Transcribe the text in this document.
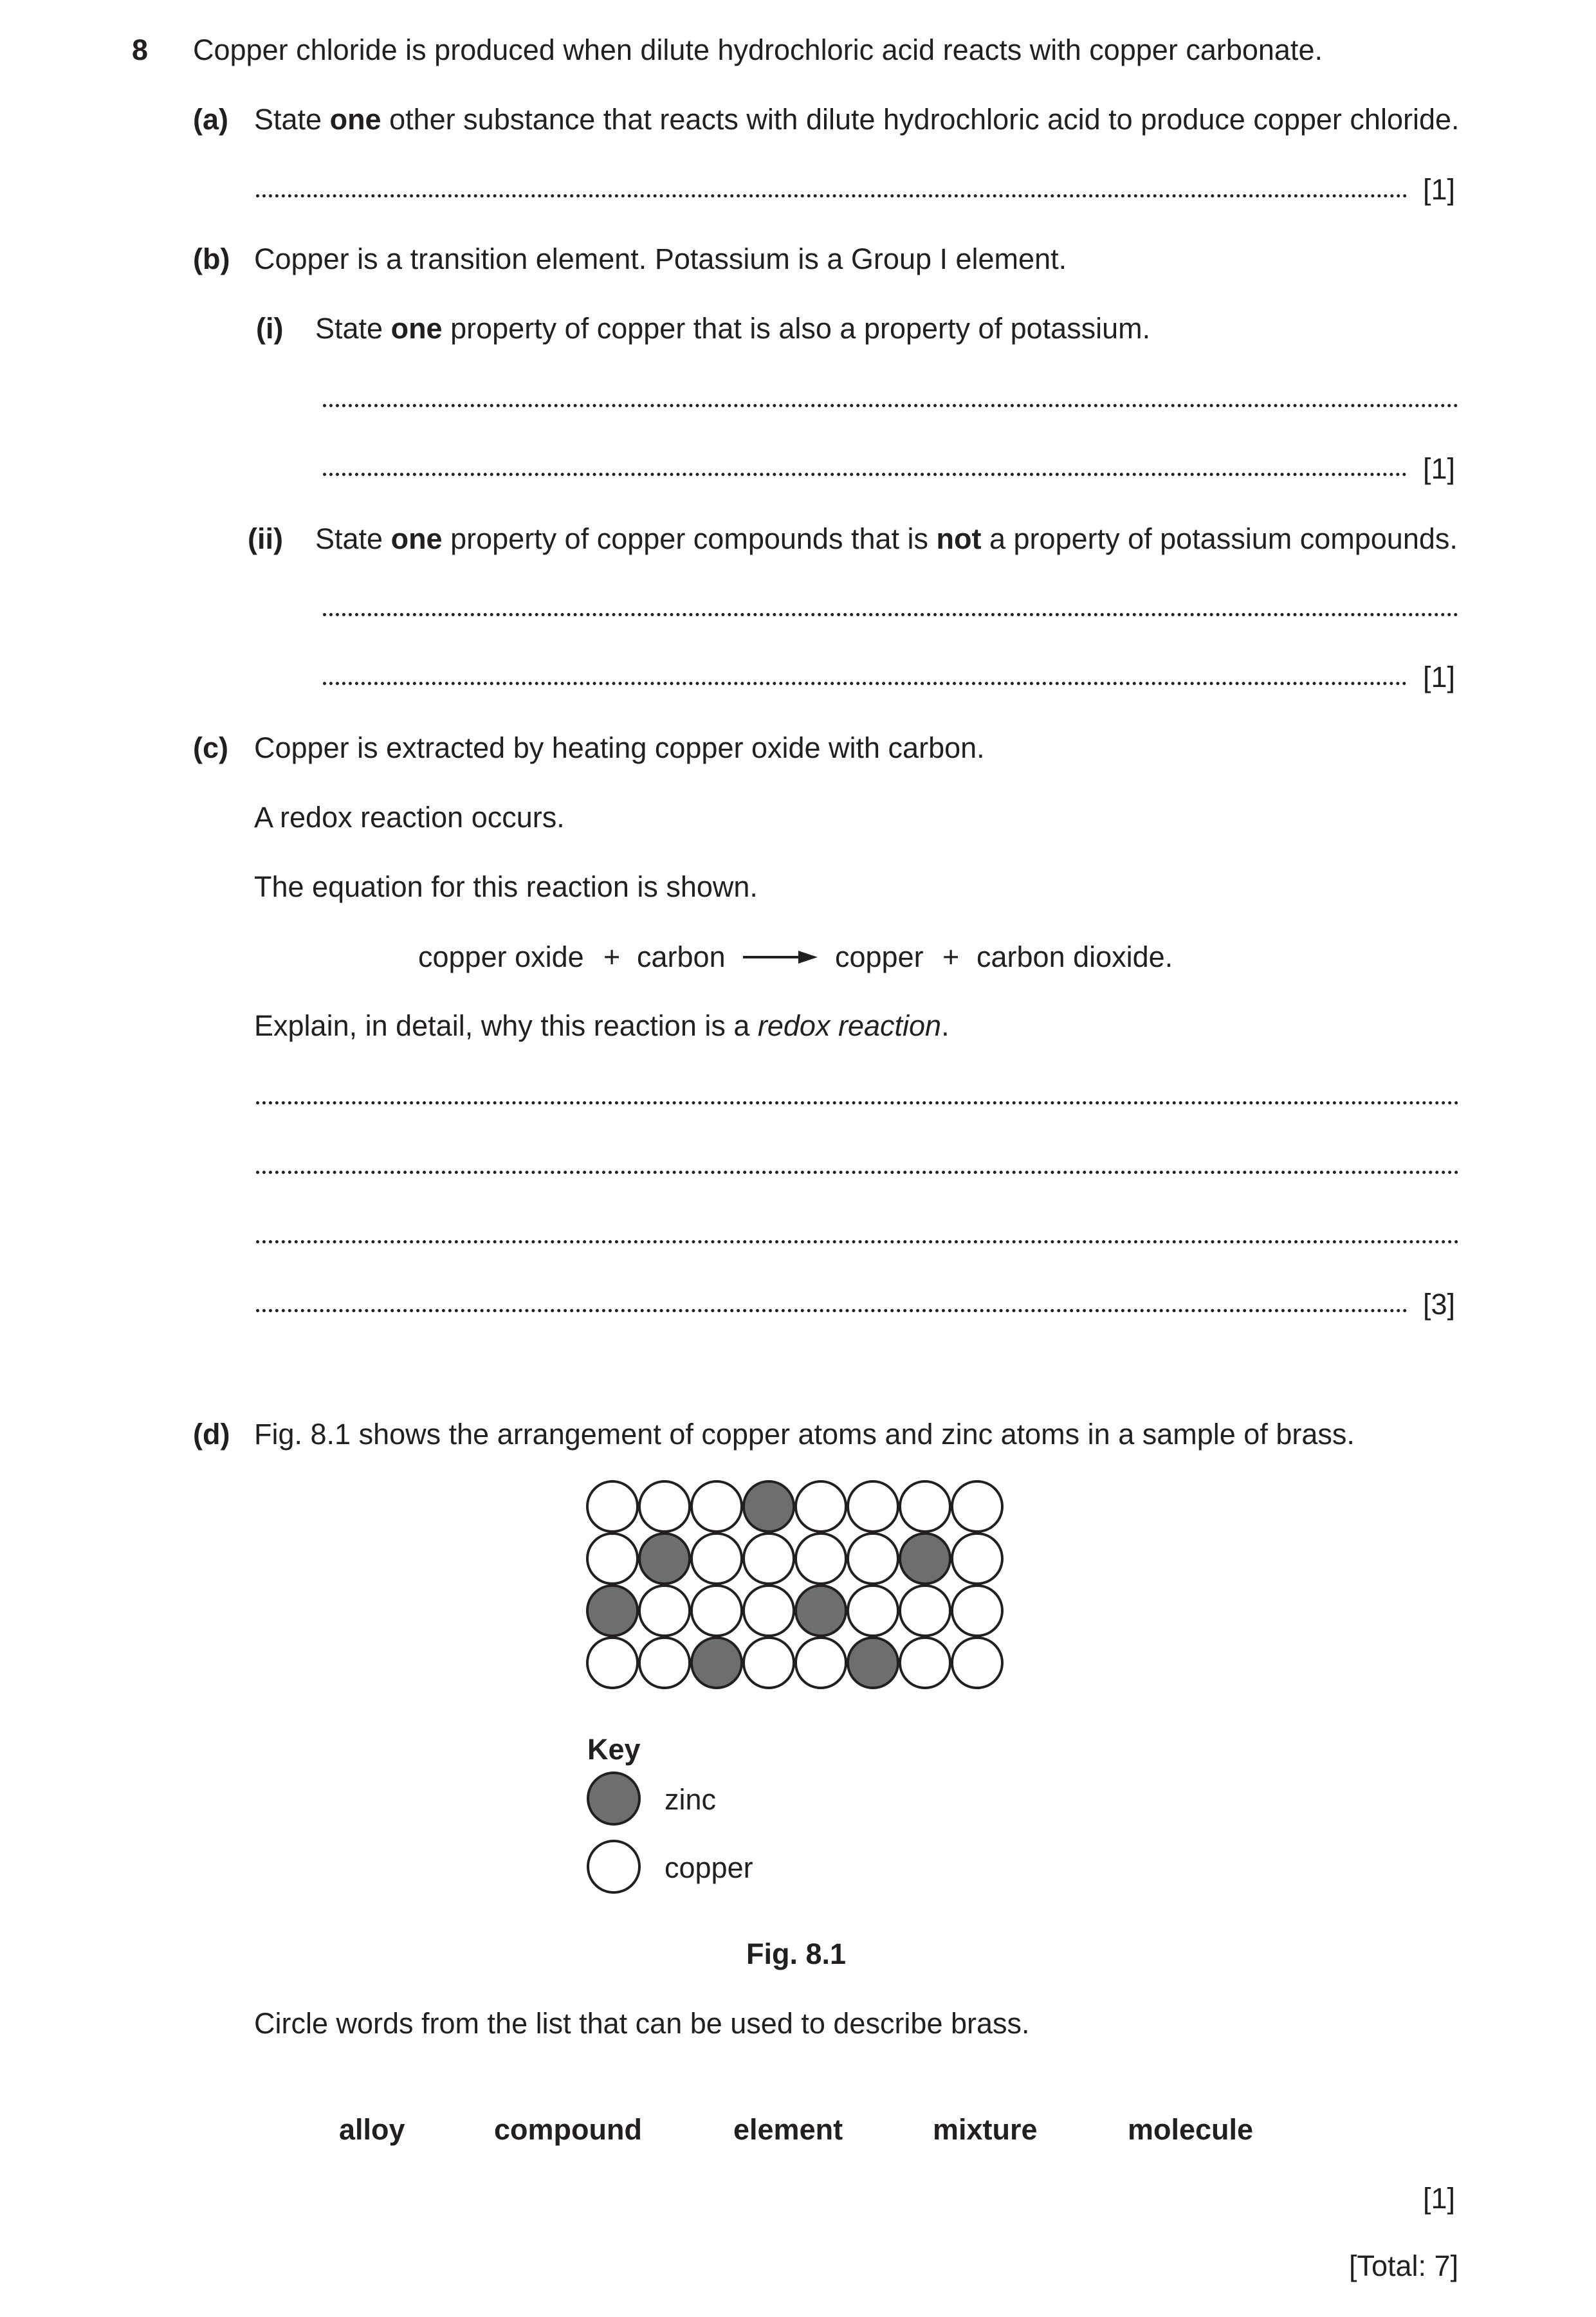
8 Copper chloride is produced when dilute hydrochloric acid reacts with copper carbonate.
(a) State one other substance that reacts with dilute hydrochloric acid to produce copper chloride.
[1]
(b) Copper is a transition element. Potassium is a Group I element.
(i) State one property of copper that is also a property of potassium.
[1]
(ii) State one property of copper compounds that is not a property of potassium compounds.
[1]
(c) Copper is extracted by heating copper oxide with carbon.
A redox reaction occurs.
The equation for this reaction is shown.
copper oxide + carbon → copper + carbon dioxide.
Explain, in detail, why this reaction is a redox reaction.
[3]
(d) Fig. 8.1 shows the arrangement of copper atoms and zinc atoms in a sample of brass.
Key
zinc
copper
Fig. 8.1
Circle words from the list that can be used to describe brass.
alloy	compound	element	mixture	molecule
[1]
[Total: 7]
